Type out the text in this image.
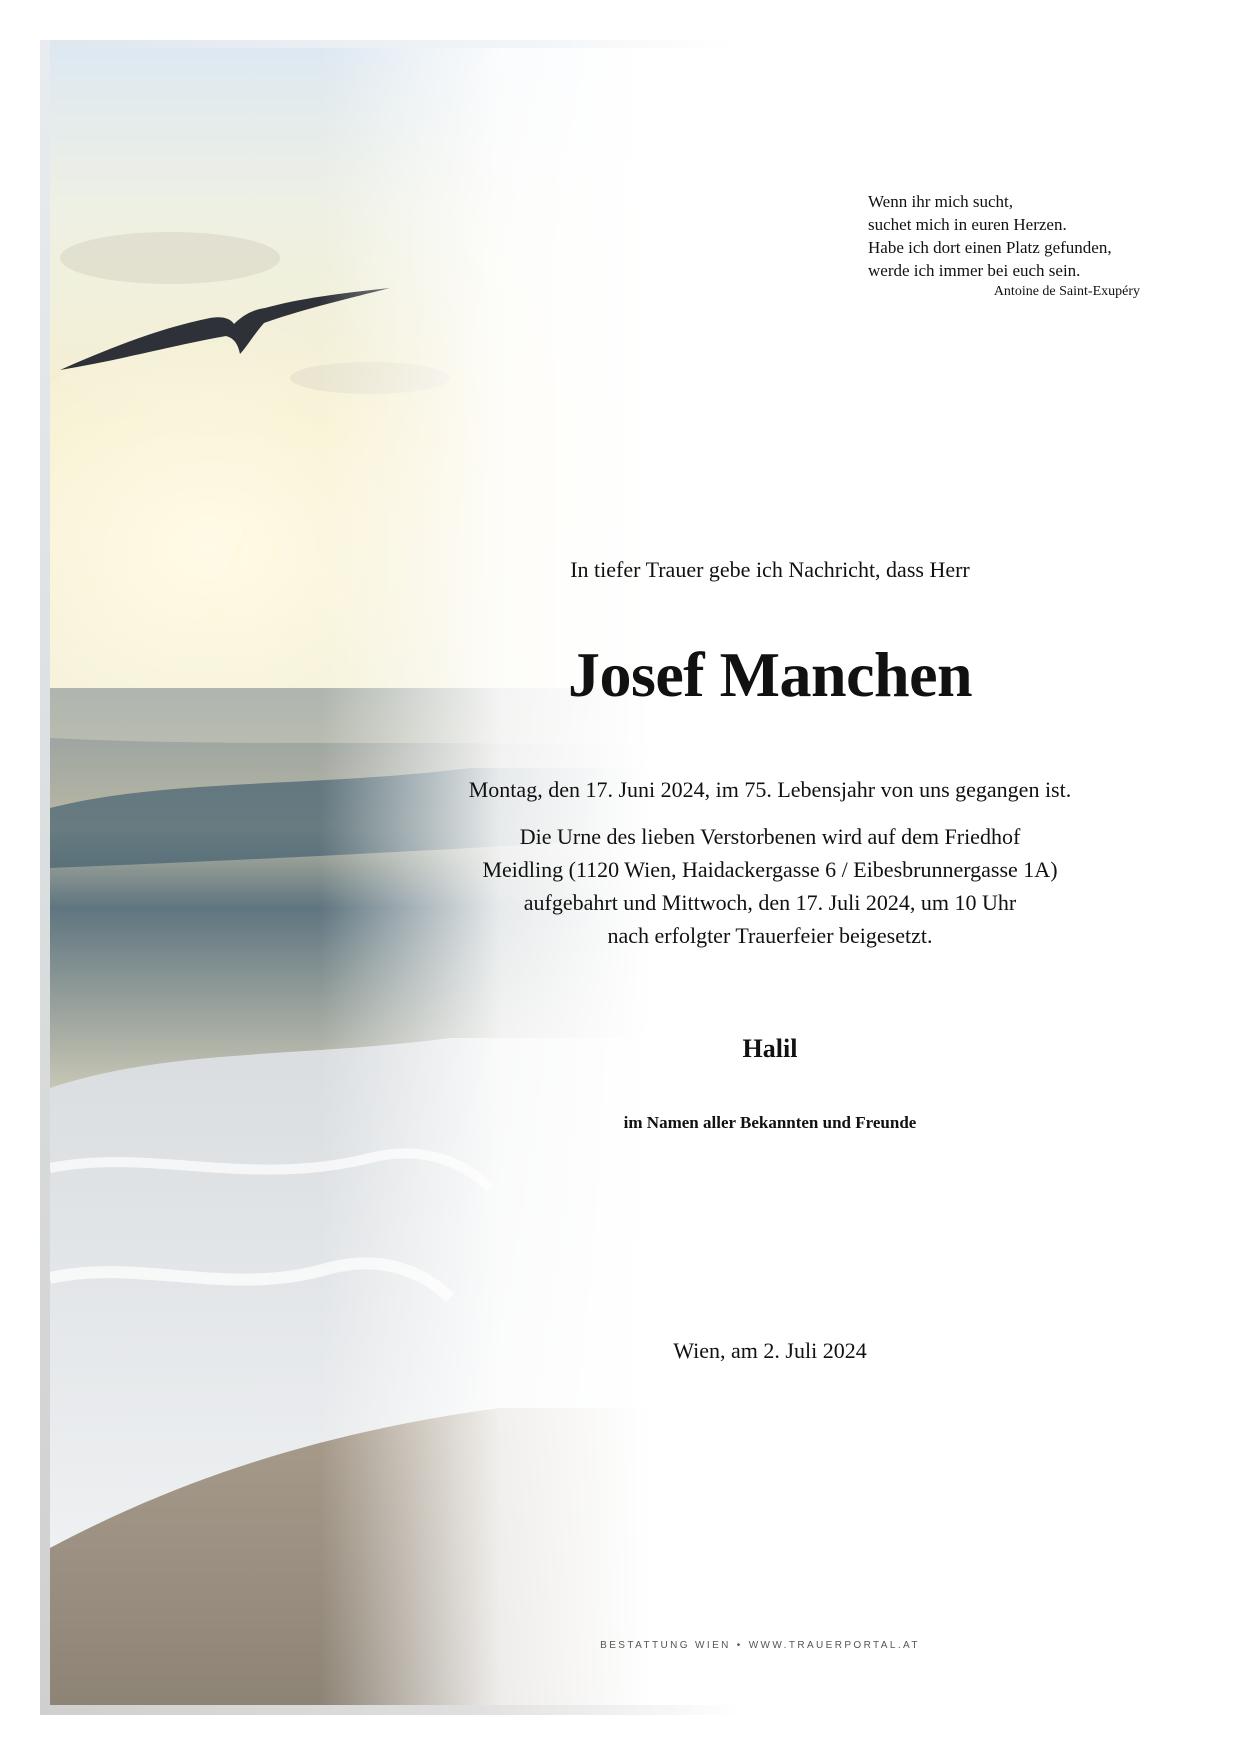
Wenn ihr mich sucht,
suchet mich in euren Herzen.
Habe ich dort einen Platz gefunden,
werde ich immer bei euch sein.
Antoine de Saint-Exupéry
In tiefer Trauer gebe ich Nachricht, dass Herr
Josef Manchen
Montag, den 17. Juni 2024, im 75. Lebensjahr von uns gegangen ist.
Die Urne des lieben Verstorbenen wird auf dem Friedhof
Meidling (1120 Wien, Haidackergasse 6 / Eibesbrunnergasse 1A)
aufgebahrt und Mittwoch, den 17. Juli 2024, um 10 Uhr
nach erfolgter Trauerfeier beigesetzt.
Halil
im Namen aller Bekannten und Freunde
Wien, am 2. Juli 2024
BESTATTUNG WIEN • WWW.TRAUERPORTAL.AT
